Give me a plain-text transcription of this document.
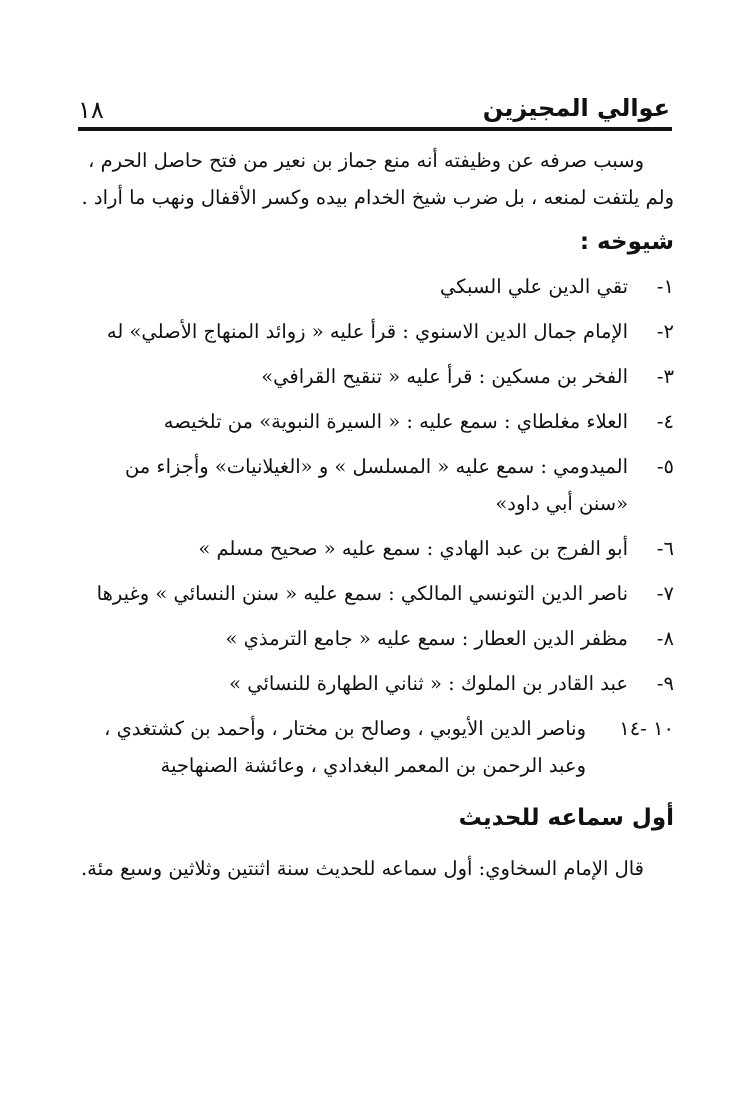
عوالي المجيزين
١٨

وسبب صرفه عن وظيفته أنه منع جماز بن نعير من فتح حاصل الحرم ، ولم يلتفت لمنعه ، بل ضرب شيخ الخدام بيده وكسر الأقفال ونهب ما أراد .

شيوخه :
١-
تقي الدين علي السبكي
٢-
الإمام جمال الدين الاسنوي : قرأ عليه « زوائد المنهاج الأصلي» له
٣-
الفخر بن مسكين : قرأ عليه « تنقيح القرافي»
٤-
العلاء مغلطاي : سمع عليه : « السيرة النبوية» من تلخيصه
٥-
الميدومي : سمع عليه « المسلسل » و «الغيلانيات» وأجزاء من «سنن أبي داود»
٦-
أبو الفرج بن عبد الهادي : سمع عليه « صحيح مسلم »
٧-
ناصر الدين التونسي المالكي : سمع عليه « سنن النسائي » وغيرها
٨-
مظفر الدين العطار : سمع عليه « جامع الترمذي »
٩-
عبد القادر بن الملوك : « ثناني الطهارة للنسائي »
١٠ -١٤
وناصر الدين الأيوبي ، وصالح بن مختار ، وأحمد بن كشتغدي ، وعبد الرحمن بن المعمر البغدادي ، وعائشة الصنهاجية
أول سماعه للحديث

قال الإمام السخاوي: أول سماعه للحديث سنة اثنتين وثلاثين وسبع مئة.
